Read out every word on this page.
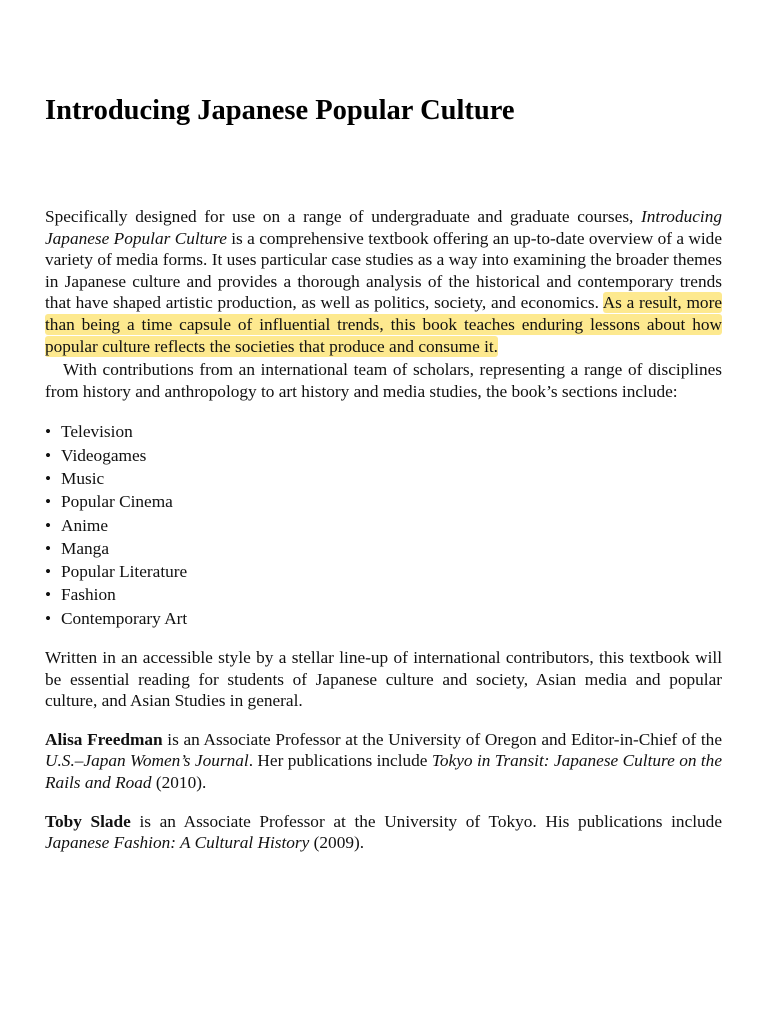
Introducing Japanese Popular Culture

Specifically designed for use on a range of undergraduate and graduate courses, Introducing Japanese Popular Culture is a comprehensive textbook offering an up-to-date overview of a wide variety of media forms. It uses particular case studies as a way into examining the broader themes in Japanese culture and provides a thorough analysis of the historical and contemporary trends that have shaped artistic production, as well as politics, society, and economics. As a result, more than being a time capsule of influential trends, this book teaches enduring lessons about how popular culture reflects the societies that produce and consume it.

With contributions from an international team of scholars, representing a range of disciplines from history and anthropology to art history and media studies, the book’s sections include:

• Television
• Videogames
• Music
• Popular Cinema
• Anime
• Manga
• Popular Literature
• Fashion
• Contemporary Art

Written in an accessible style by a stellar line-up of international contributors, this textbook will be essential reading for students of Japanese culture and society, Asian media and popular culture, and Asian Studies in general.

Alisa Freedman is an Associate Professor at the University of Oregon and Editor-in-Chief of the U.S.–Japan Women’s Journal. Her publications include Tokyo in Transit: Japanese Culture on the Rails and Road (2010).

Toby Slade is an Associate Professor at the University of Tokyo. His publications include Japanese Fashion: A Cultural History (2009).
